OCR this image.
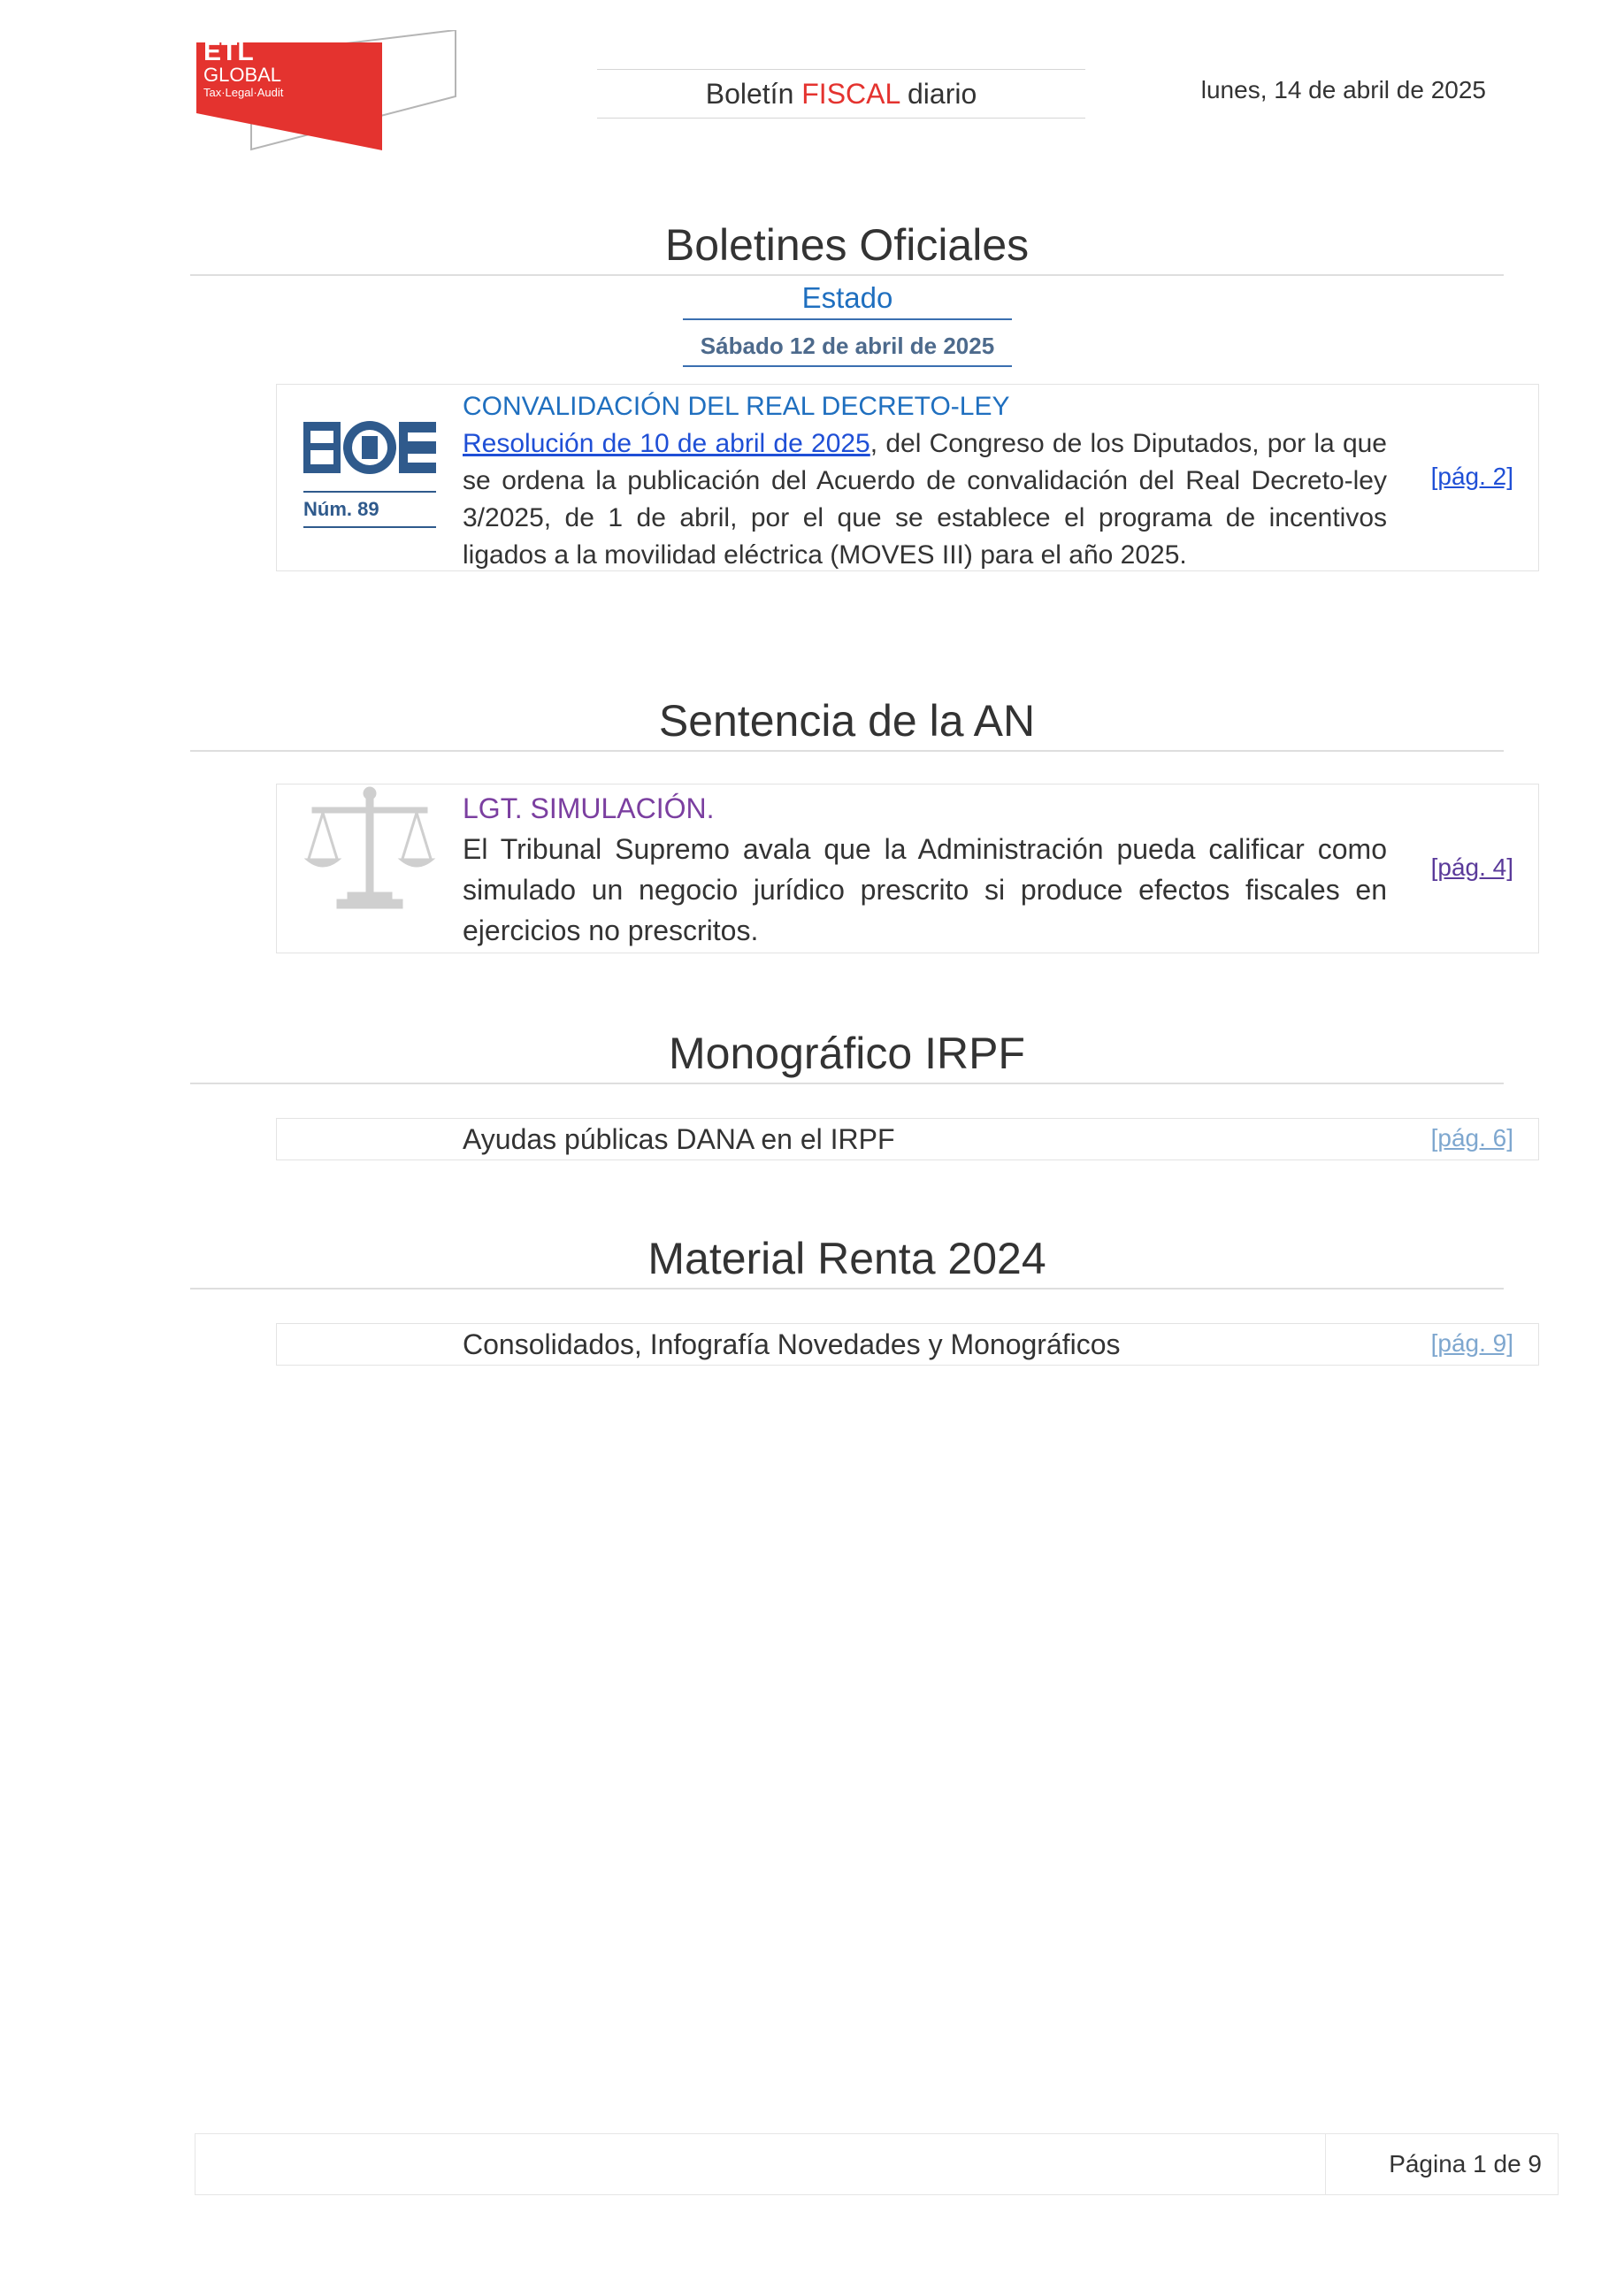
ETL
GLOBAL
Tax·Legal·Audit	Boletín FISCAL diario	lunes, 14 de abril de 2025
Boletines Oficiales
Estado
Sábado 12 de abril de 2025
Núm. 89
CONVALIDACIÓN DEL REAL DECRETO-LEY
Resolución de 10 de abril de 2025, del Congreso de los Diputados, por la que se ordena la publicación del Acuerdo de convalidación del Real Decreto-ley 3/2025, de 1 de abril, por el que se establece el programa de incentivos ligados a la movilidad eléctrica (MOVES III) para el año 2025.
[pág. 2]
Sentencia de la AN
LGT. SIMULACIÓN.
El Tribunal Supremo avala que la Administración pueda calificar como simulado un negocio jurídico prescrito si produce efectos fiscales en ejercicios no prescritos.
[pág. 4]
Monográfico IRPF
Ayudas públicas DANA en el IRPF	[pág. 6]
Material Renta 2024
Consolidados, Infografía Novedades y Monográficos	[pág. 9]
Página 1 de 9
